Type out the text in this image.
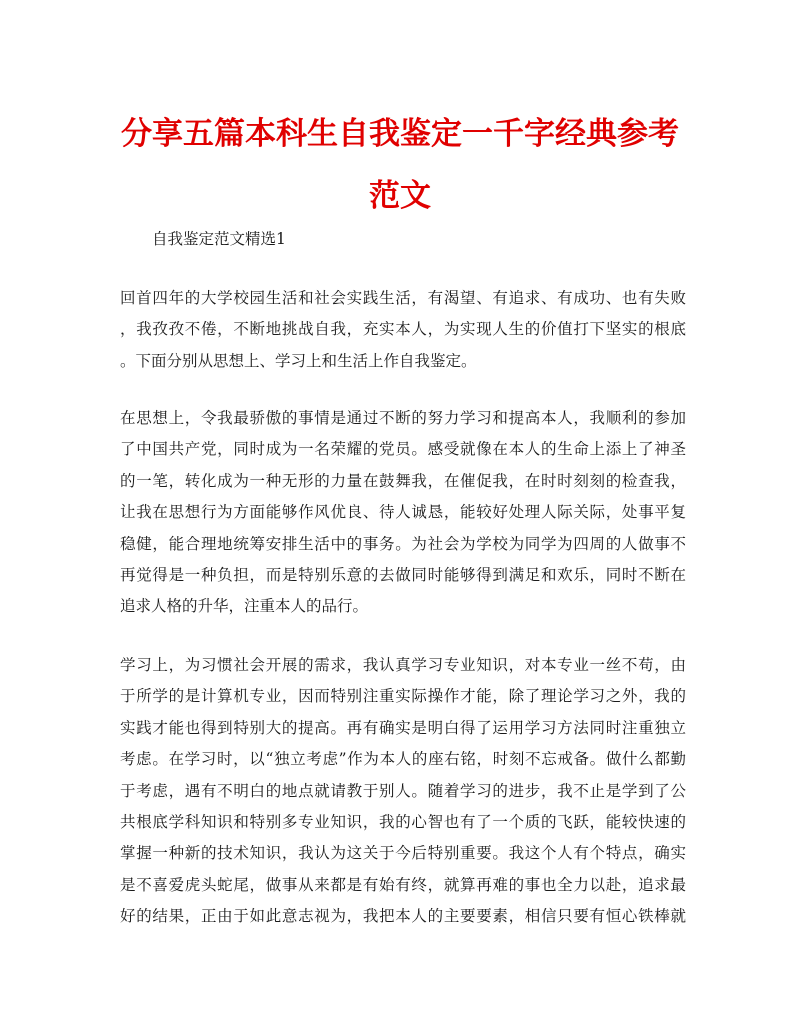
分享五篇本科生自我鉴定一千字经典参考
范文

自我鉴定范文精选1

回首四年的大学校园生活和社会实践生活，有渴望、有追求、有成功、也有失败
，我孜孜不倦，不断地挑战自我，充实本人，为实现人生的价值打下坚实的根底
。下面分别从思想上、学习上和生活上作自我鉴定。
在思想上，令我最骄傲的事情是通过不断的努力学习和提高本人，我顺利的参加
了中国共产党，同时成为一名荣耀的党员。感受就像在本人的生命上添上了神圣
的一笔，转化成为一种无形的力量在鼓舞我，在催促我，在时时刻刻的检查我，
让我在思想行为方面能够作风优良、待人诚恳，能较好处理人际关际，处事平复
稳健，能合理地统筹安排生活中的事务。为社会为学校为同学为四周的人做事不
再觉得是一种负担，而是特别乐意的去做同时能够得到满足和欢乐，同时不断在
追求人格的升华，注重本人的品行。
学习上，为习惯社会开展的需求，我认真学习专业知识，对本专业一丝不苟，由
于所学的是计算机专业，因而特别注重实际操作才能，除了理论学习之外，我的
实践才能也得到特别大的提高。再有确实是明白得了运用学习方法同时注重独立
考虑。在学习时，以“独立考虑”作为本人的座右铭，时刻不忘戒备。做什么都勤
于考虑，遇有不明白的地点就请教于别人。随着学习的进步，我不止是学到了公
共根底学科知识和特别多专业知识，我的心智也有了一个质的飞跃，能较快速的
掌握一种新的技术知识，我认为这关于今后特别重要。我这个人有个特点，确实
是不喜爱虎头蛇尾，做事从来都是有始有终，就算再难的事也全力以赴，追求最
好的结果，正由于如此意志视为，我把本人的主要要素，相信只要有恒心铁棒就
